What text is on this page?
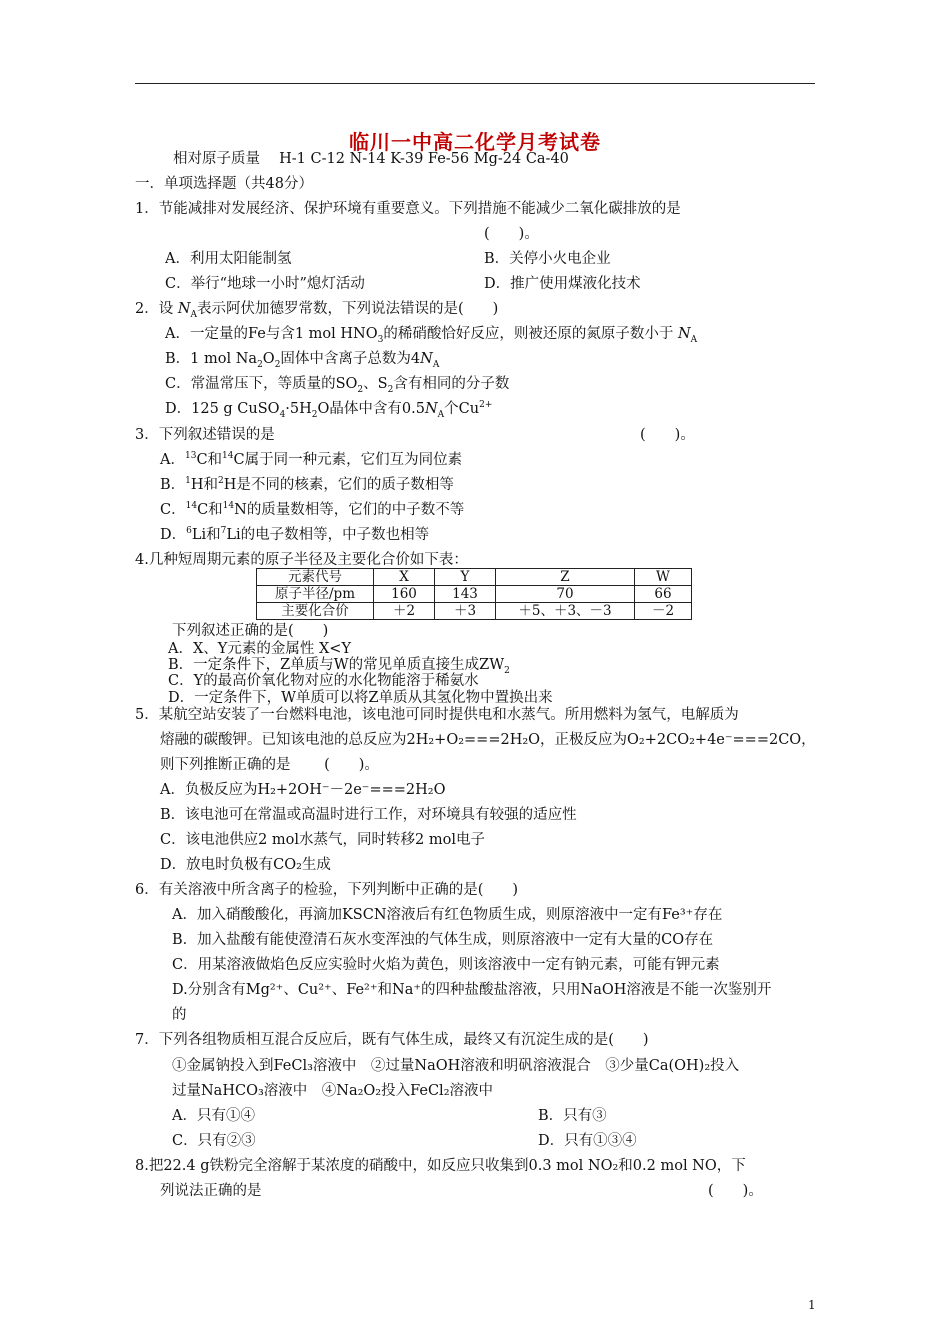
临川一中高二化学月考试卷
相对原子质量　 H-1 C-12 N-14 K-39 Fe-56 Mg-24 Ca-40
一．单项选择题（共48分）
1．节能减排对发展经济、保护环境有重要意义。下列措施不能减少二氧化碳排放的是
(　　)。
A．利用太阳能制氢	B．关停小火电企业
C．举行“地球一小时”熄灯活动	D．推广使用煤液化技术
2．设 $N_A$表示阿伏加德罗常数，下列说法错误的是(　　)
A．一定量的Fe与含1 mol $HNO_3$的稀硝酸恰好反应，则被还原的氮原子数小于 $N_A$
B．1 mol $Na_2O_2$固体中含离子总数为$4N_A$
C．常温常压下，等质量的$SO_2$、$S_2$含有相同的分子数
D．125 g $CuSO_4\cdot 5H_2O$晶体中含有$0.5N_A$个$Cu^{2+}$
3．下列叙述错误的是	(　　)。
A．$^{13}$C和$^{14}$C属于同一种元素，它们互为同位素
B．$^1$H和$^2$H是不同的核素，它们的质子数相等
C．$^{14}$C和$^{14}$N的质量数相等，它们的中子数不等
D．$^6$Li和$^7$Li的电子数相等，中子数也相等
4.几种短周期元素的原子半径及主要化合价如下表：
元素代号	X	Y	Z	W
原子半径/pm	160	143	70	66
主要化合价	＋2	＋3	＋5、＋3、－3	－2
下列叙述正确的是(　　)
A．X、Y元素的金属性 X<Y
B．一定条件下，Z单质与W的常见单质直接生成$ZW_2$
C．Y的最高价氧化物对应的水化物能溶于稀氨水
D．一定条件下，W单质可以将Z单质从其氢化物中置换出来
5．某航空站安装了一台燃料电池，该电池可同时提供电和水蒸气。所用燃料为氢气，电解质为
熔融的碳酸钾。已知该电池的总反应为2H₂+O₂===2H₂O，正极反应为O₂+2CO₂+4e⁻===2CO，
则下列推断正确的是　　 (　　)。
A．负极反应为H₂+2OH⁻－2e⁻===2H₂O
B．该电池可在常温或高温时进行工作，对环境具有较强的适应性
C．该电池供应2 mol水蒸气，同时转移2 mol电子
D．放电时负极有CO₂生成
6．有关溶液中所含离子的检验，下列判断中正确的是(　　)
A．加入硝酸酸化，再滴加KSCN溶液后有红色物质生成，则原溶液中一定有Fe³⁺存在
B．加入盐酸有能使澄清石灰水变浑浊的气体生成，则原溶液中一定有大量的CO存在
C．用某溶液做焰色反应实验时火焰为黄色，则该溶液中一定有钠元素，可能有钾元素
D.分别含有Mg²⁺、Cu²⁺、Fe²⁺和Na⁺的四种盐酸盐溶液，只用NaOH溶液是不能一次鉴别开
的
7．下列各组物质相互混合反应后，既有气体生成，最终又有沉淀生成的是(　　)
①金属钠投入到FeCl₃溶液中　②过量NaOH溶液和明矾溶液混合　③少量Ca(OH)₂投入
过量NaHCO₃溶液中　④Na₂O₂投入FeCl₂溶液中
A．只有①④	B．只有③
C．只有②③	D．只有①③④
8.把22.4 g铁粉完全溶解于某浓度的硝酸中，如反应只收集到0.3 mol NO₂和0.2 mol NO，下
列说法正确的是	(　　)。
1
